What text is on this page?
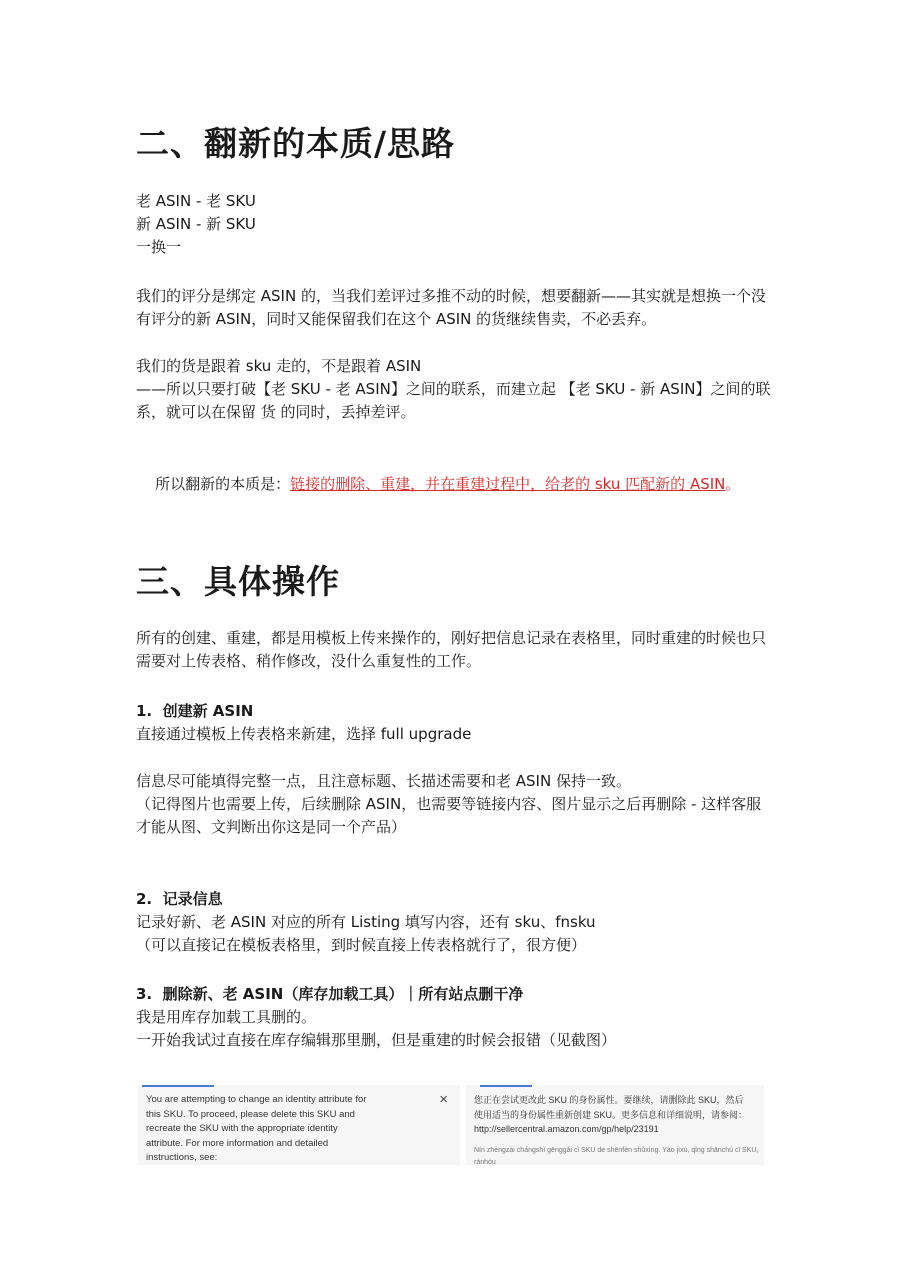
二、翻新的本质/思路
老 ASIN - 老 SKU
新 ASIN - 新 SKU
一换一
我们的评分是绑定 ASIN 的，当我们差评过多推不动的时候，想要翻新——其实就是想换一个没有评分的新 ASIN，同时又能保留我们在这个 ASIN 的货继续售卖，不必丢弃。
我们的货是跟着 sku 走的，不是跟着 ASIN
——所以只要打破【老 SKU - 老 ASIN】之间的联系，而建立起 【老 SKU - 新 ASIN】之间的联系，就可以在保留 货 的同时，丢掉差评。

所以翻新的本质是：链接的删除、重建，并在重建过程中，给老的 sku 匹配新的 ASIN。

三、具体操作
所有的创建、重建，都是用模板上传来操作的，刚好把信息记录在表格里，同时重建的时候也只需要对上传表格、稍作修改，没什么重复性的工作。
1.  创建新 ASIN
直接通过模板上传表格来新建，选择 full upgrade
信息尽可能填得完整一点，且注意标题、长描述需要和老 ASIN 保持一致。
（记得图片也需要上传，后续删除 ASIN，也需要等链接内容、图片显示之后再删除 - 这样客服才能从图、文判断出你这是同一个产品）
2.  记录信息
记录好新、老 ASIN 对应的所有 Listing 填写内容，还有 sku、fnsku
（可以直接记在模板表格里，到时候直接上传表格就行了，很方便）
3.  删除新、老 ASIN（库存加载工具）｜所有站点删干净
我是用库存加载工具删的。
一开始我试过直接在库存编辑那里删，但是重建的时候会报错（见截图）
You are attempting to change an identity attribute for
this SKU. To proceed, please delete this SKU and
recreate the SKU with the appropriate identity
attribute. For more information and detailed
instructions, see:
×	您正在尝试更改此 SKU 的身份属性。要继续，请删除此 SKU，然后
使用适当的身份属性重新创建 SKU。更多信息和详细说明，请参阅：
http://sellercentral.amazon.com/gp/help/23191
Nín zhèngzài chángshì gēnggǎi cǐ SKU de shēnfèn shǔxìng. Yào jìxù, qǐng shānchú cǐ SKU,
ránhòu
